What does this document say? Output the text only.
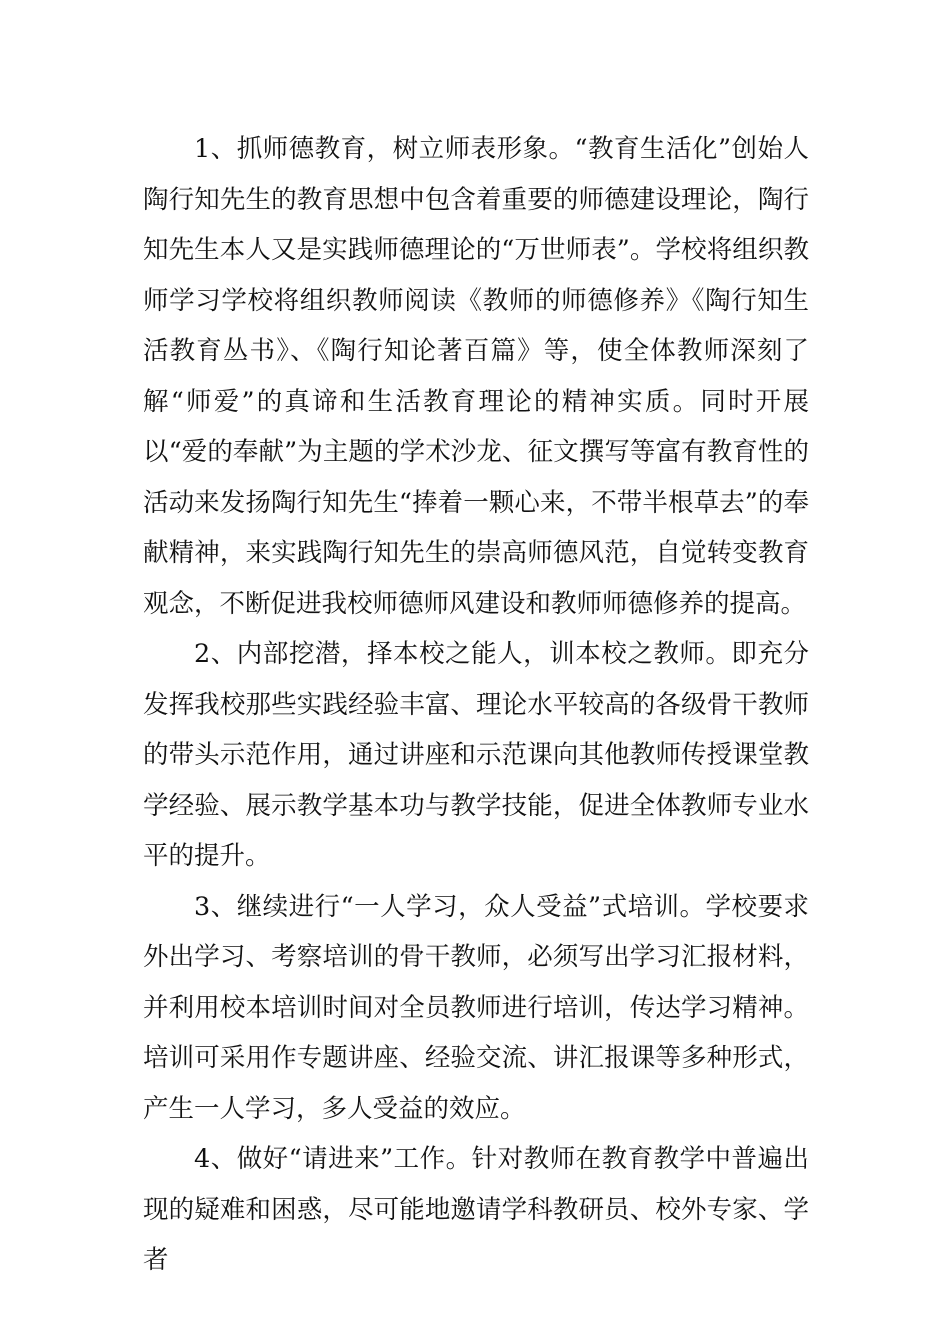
1、抓师德教育，树立师表形象。“教育生活化”创始人陶行知先生的教育思想中包含着重要的师德建设理论，陶行知先生本人又是实践师德理论的“万世师表”。学校将组织教师学习学校将组织教师阅读《教师的师德修养》《陶行知生活教育丛书》、《陶行知论著百篇》等，使全体教师深刻了解“师爱”的真谛和生活教育理论的精神实质。同时开展以“爱的奉献”为主题的学术沙龙、征文撰写等富有教育性的活动来发扬陶行知先生“捧着一颗心来，不带半根草去”的奉献精神，来实践陶行知先生的崇高师德风范，自觉转变教育观念，不断促进我校师德师风建设和教师师德修养的提高。

2、内部挖潜，择本校之能人，训本校之教师。即充分发挥我校那些实践经验丰富、理论水平较高的各级骨干教师的带头示范作用，通过讲座和示范课向其他教师传授课堂教学经验、展示教学基本功与教学技能，促进全体教师专业水平的提升。

3、继续进行“一人学习，众人受益”式培训。学校要求外出学习、考察培训的骨干教师，必须写出学习汇报材料，并利用校本培训时间对全员教师进行培训，传达学习精神。培训可采用作专题讲座、经验交流、讲汇报课等多种形式，产生一人学习，多人受益的效应。

4、做好“请进来”工作。针对教师在教育教学中普遍出现的疑难和困惑，尽可能地邀请学科教研员、校外专家、学者
